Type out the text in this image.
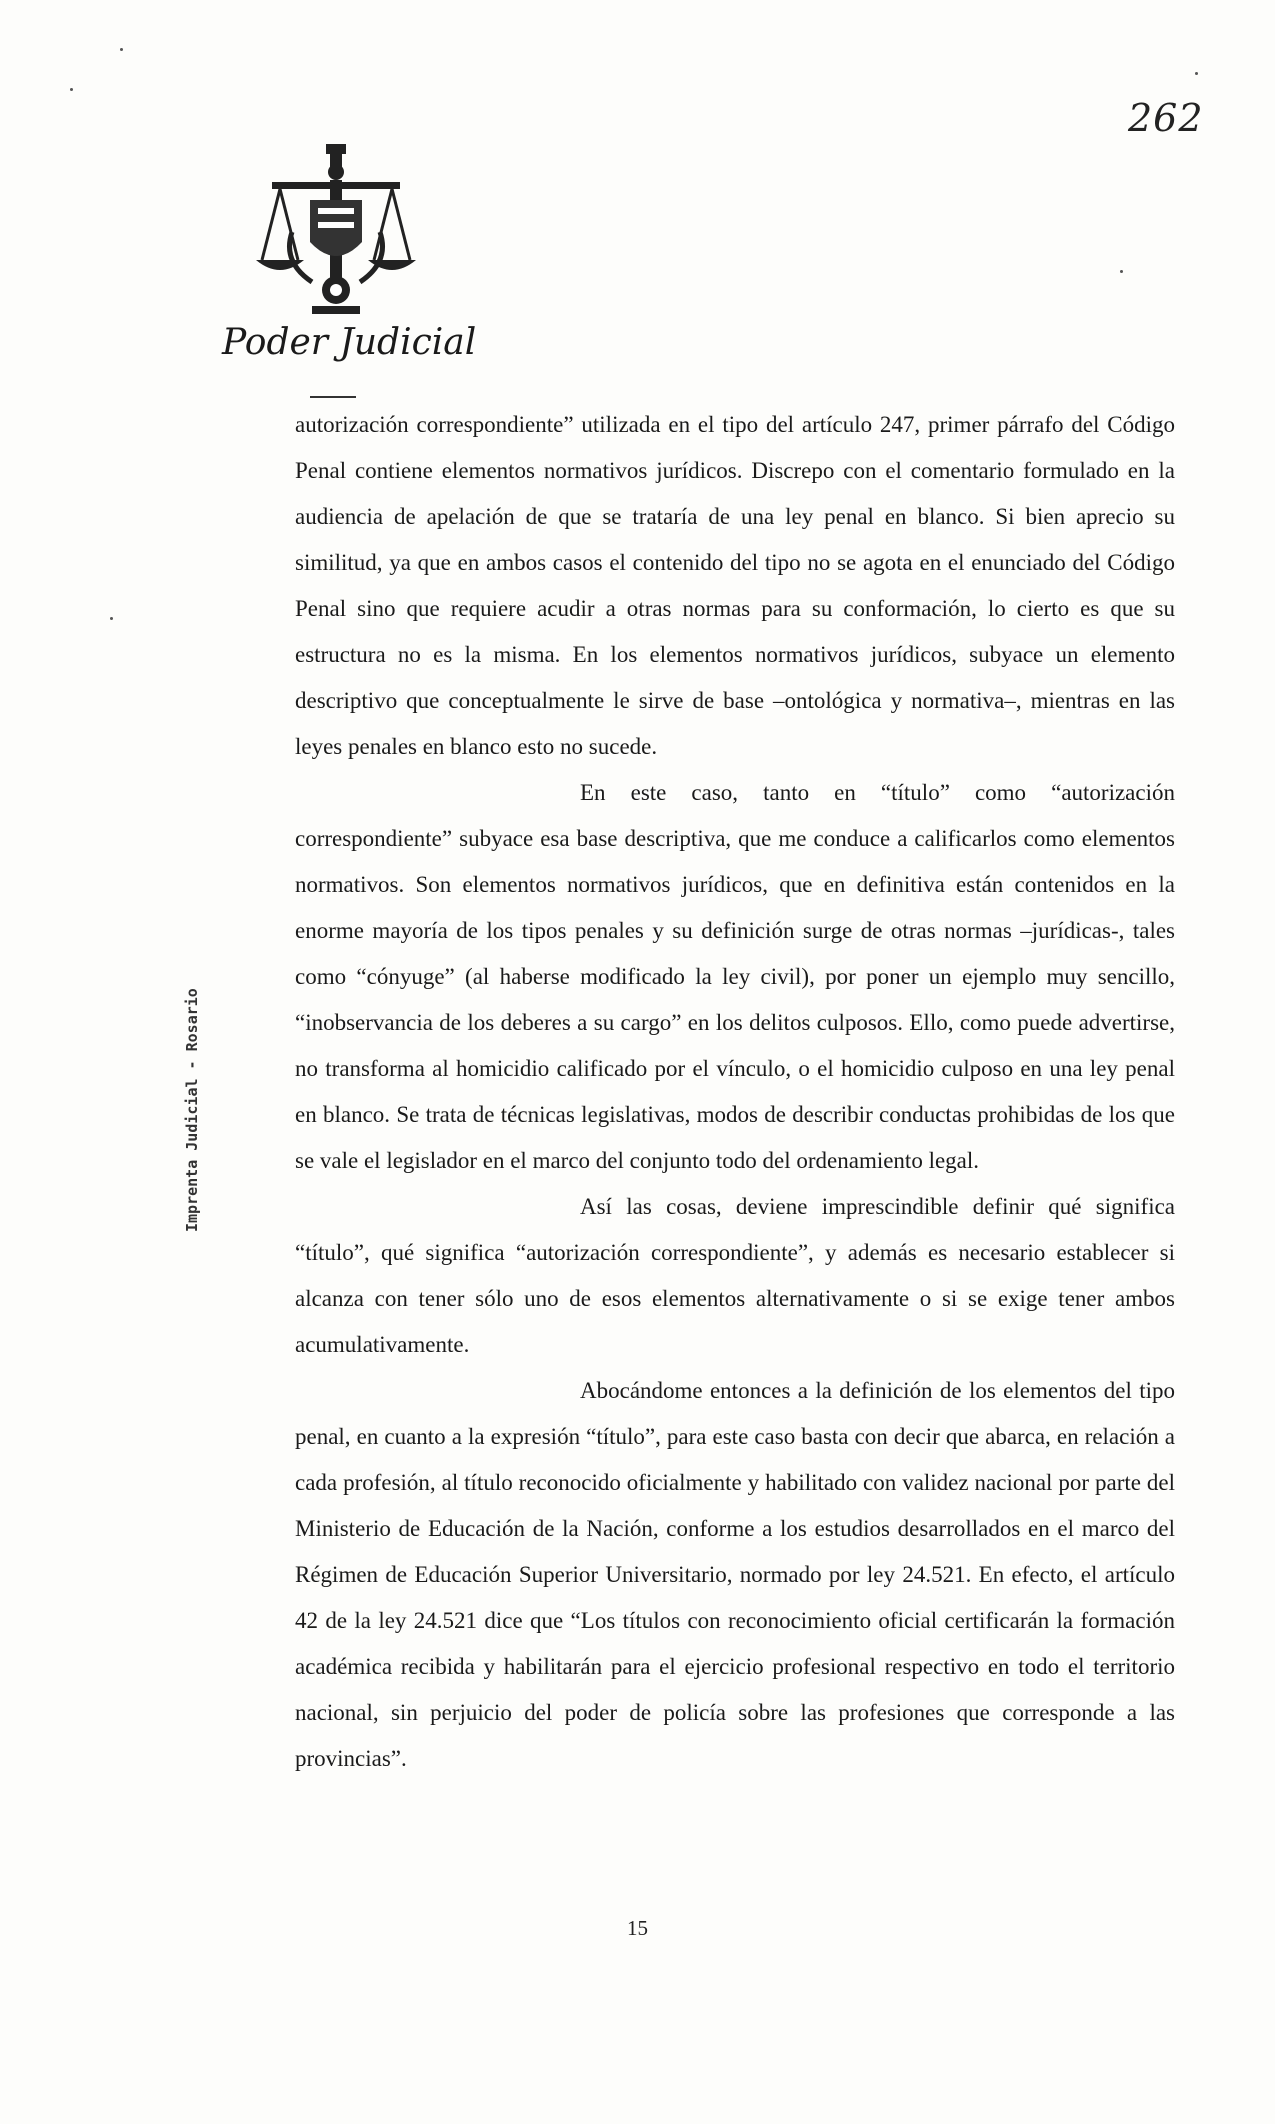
262
Poder Judicial
Imprenta Judicial - Rosario

autorización correspondiente” utilizada en el tipo del artículo 247, primer párrafo del Código Penal contiene elementos normativos jurídicos. Discrepo con el comentario formulado en la audiencia de apelación de que se trataría de una ley penal en blanco. Si bien aprecio su similitud, ya que en ambos casos el contenido del tipo no se agota en el enunciado del Código Penal sino que requiere acudir a otras normas para su conformación, lo cierto es que su estructura no es la misma. En los elementos normativos jurídicos, subyace un elemento descriptivo que conceptualmente le sirve de base –ontológica y normativa–, mientras en las leyes penales en blanco esto no sucede.

En este caso, tanto en “título” como “autorización correspondiente” subyace esa base descriptiva, que me conduce a calificarlos como elementos normativos. Son elementos normativos jurídicos, que en definitiva están contenidos en la enorme mayoría de los tipos penales y su definición surge de otras normas –jurídicas-, tales como “cónyuge” (al haberse modificado la ley civil), por poner un ejemplo muy sencillo, “inobservancia de los deberes a su cargo” en los delitos culposos. Ello, como puede advertirse, no transforma al homicidio calificado por el vínculo, o el homicidio culposo en una ley penal en blanco. Se trata de técnicas legislativas, modos de describir conductas prohibidas de los que se vale el legislador en el marco del conjunto todo del ordenamiento legal.

Así las cosas, deviene imprescindible definir qué significa “título”, qué significa “autorización correspondiente”, y además es necesario establecer si alcanza con tener sólo uno de esos elementos alternativamente o si se exige tener ambos acumulativamente.

Abocándome entonces a la definición de los elementos del tipo penal, en cuanto a la expresión “título”, para este caso basta con decir que abarca, en relación a cada profesión, al título reconocido oficialmente y habilitado con validez nacional por parte del Ministerio de Educación de la Nación, conforme a los estudios desarrollados en el marco del Régimen de Educación Superior Universitario, normado por ley 24.521. En efecto, el artículo 42 de la ley 24.521 dice que “Los títulos con reconocimiento oficial certificarán la formación académica recibida y habilitarán para el ejercicio profesional respectivo en todo el territorio nacional, sin perjuicio del poder de policía sobre las profesiones que corresponde a las provincias”.

15
